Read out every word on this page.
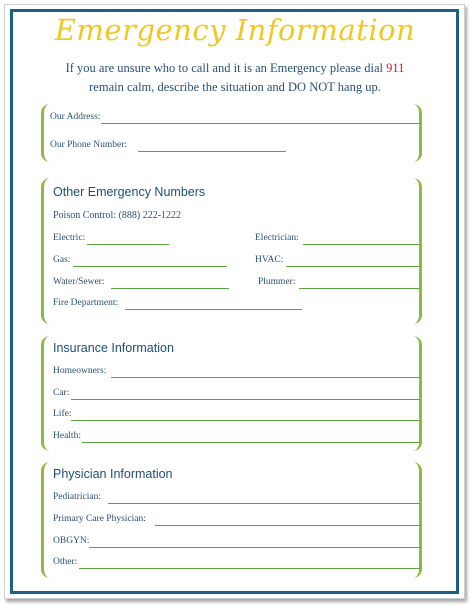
Emergency Information
If you are unsure who to call and it is an Emergency please dial 911
remain calm, describe the situation and DO NOT hang up.
Our Address:
Our Phone Number:
Other Emergency Numbers
Poison Control: (888) 222-1222
Electric:	Electrician:
Gas:	HVAC:
Water/Sewer:	Plummer:
Fire Department:
Insurance Information
Homeowners:
Car:
Life:
Health:
Physician Information
Pediatrician:
Primary Care Physician:
OBGYN:
Other:
